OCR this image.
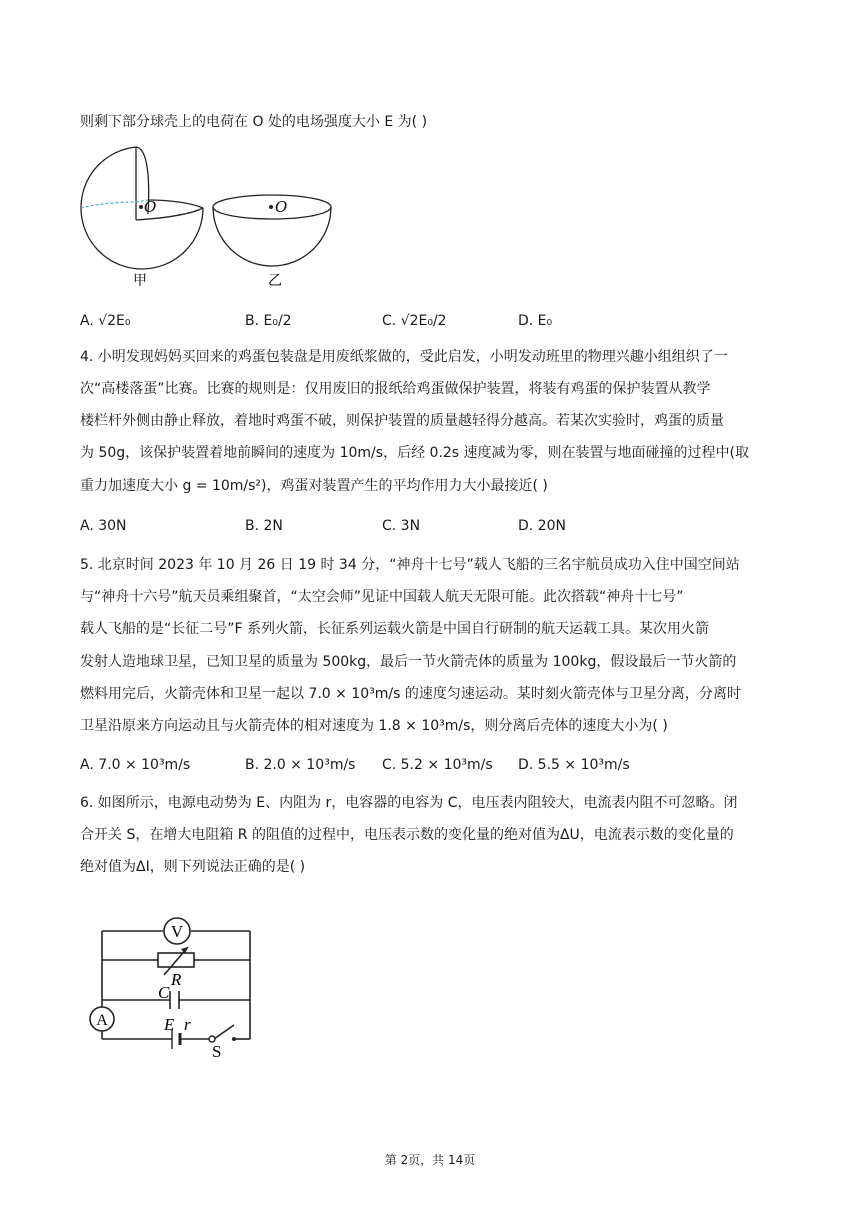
则剩下部分球壳上的电荷在 O 处的电场强度大小 E 为( )
O
甲
O
乙
A. √2E₀	B. E₀/2	C. √2E₀/2	D. E₀
4. 小明发现妈妈买回来的鸡蛋包装盘是用废纸浆做的，受此启发，小明发动班里的物理兴趣小组组织了一
次“高楼落蛋”比赛。比赛的规则是：仅用废旧的报纸给鸡蛋做保护装置，将装有鸡蛋的保护装置从教学
楼栏杆外侧由静止释放，着地时鸡蛋不破，则保护装置的质量越轻得分越高。若某次实验时，鸡蛋的质量
为 50g，该保护装置着地前瞬间的速度为 10m/s，后经 0.2s 速度减为零，则在装置与地面碰撞的过程中(取
重力加速度大小 g = 10m/s²)，鸡蛋对装置产生的平均作用力大小最接近( )
A. 30N	B. 2N	C. 3N	D. 20N
5. 北京时间 2023 年 10 月 26 日 19 时 34 分，“神舟十七号”载人飞船的三名宇航员成功入住中国空间站
与“神舟十六号”航天员乘组聚首，“太空会师”见证中国载人航天无限可能。此次搭载“神舟十七号”
载人飞船的是“长征二号”F 系列火箭，长征系列运载火箭是中国自行研制的航天运载工具。某次用火箭
发射人造地球卫星，已知卫星的质量为 500kg，最后一节火箭壳体的质量为 100kg，假设最后一节火箭的
燃料用完后，火箭壳体和卫星一起以 7.0 × 10³m/s 的速度匀速运动。某时刻火箭壳体与卫星分离，分离时
卫星沿原来方向运动且与火箭壳体的相对速度为 1.8 × 10³m/s，则分离后壳体的速度大小为( )
A. 7.0 × 10³m/s	B. 2.0 × 10³m/s C. 5.2 × 10³m/s D. 5.5 × 10³m/s
6. 如图所示，电源电动势为 E、内阻为 r，电容器的电容为 C，电压表内阻较大，电流表内阻不可忽略。闭
合开关 S，在增大电阻箱 R 的阻值的过程中，电压表示数的变化量的绝对值为ΔU，电流表示数的变化量的
绝对值为ΔI，则下列说法正确的是( )
V
A
R
C
E r
S
第 2页，共 14页
